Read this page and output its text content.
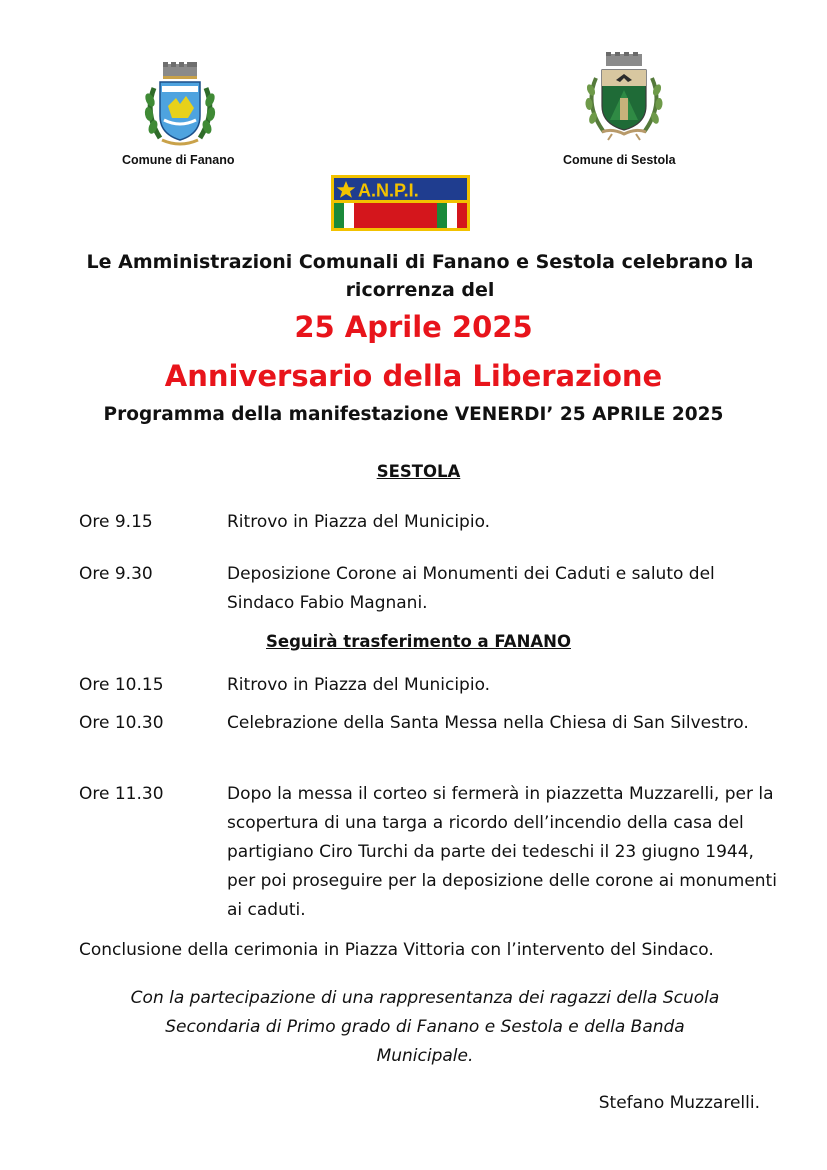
Comune di Fanano	Comune di Sestola
A.N.P.I.
Le Amministrazioni Comunali di Fanano e Sestola celebrano la ricorrenza del
25 Aprile 2025
Anniversario della Liberazione
Programma della manifestazione VENERDI’ 25 APRILE 2025
SESTOLA
Ore 9.15	Ritrovo in Piazza del Municipio.
Ore 9.30	Deposizione Corone ai Monumenti dei Caduti e saluto del Sindaco Fabio Magnani.
Seguirà trasferimento a FANANO
Ore 10.15	Ritrovo in Piazza del Municipio.
Ore 10.30	Celebrazione della Santa Messa nella Chiesa di San Silvestro.
Ore 11.30	Dopo la messa il corteo si fermerà in piazzetta Muzzarelli, per la scopertura di una targa a ricordo dell’incendio della casa del partigiano Ciro Turchi da parte dei tedeschi il 23 giugno 1944, per poi proseguire per la deposizione delle corone ai monumenti ai caduti.
Conclusione della cerimonia in Piazza Vittoria con l’intervento del Sindaco.
Con la partecipazione di una rappresentanza dei ragazzi della Scuola Secondaria di Primo grado di Fanano e Sestola e della Banda Municipale.
Stefano Muzzarelli.
